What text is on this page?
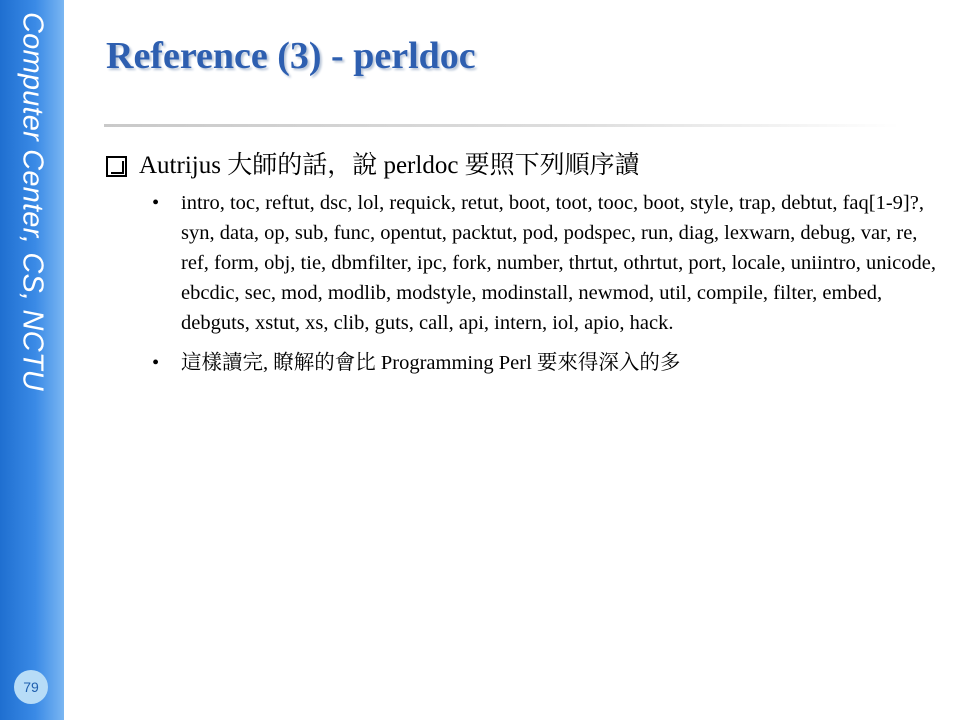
Computer Center, CS, NCTU
79
Reference (3) - perldoc
Autrijus 大師的話，說 perldoc 要照下列順序讀
• intro, toc, reftut, dsc, lol, requick, retut, boot, toot, tooc, boot, style, trap, debtut, faq[1-9]?, syn, data, op, sub, func, opentut, packtut, pod, podspec, run, diag, lexwarn, debug, var, re, ref, form, obj, tie, dbmfilter, ipc, fork, number, thrtut, othrtut, port, locale, uniintro, unicode, ebcdic, sec, mod, modlib, modstyle, modinstall, newmod, util, compile, filter, embed, debguts, xstut, xs, clib, guts, call, api, intern, iol, apio, hack.
• 這樣讀完, 瞭解的會比 Programming Perl 要來得深入的多
